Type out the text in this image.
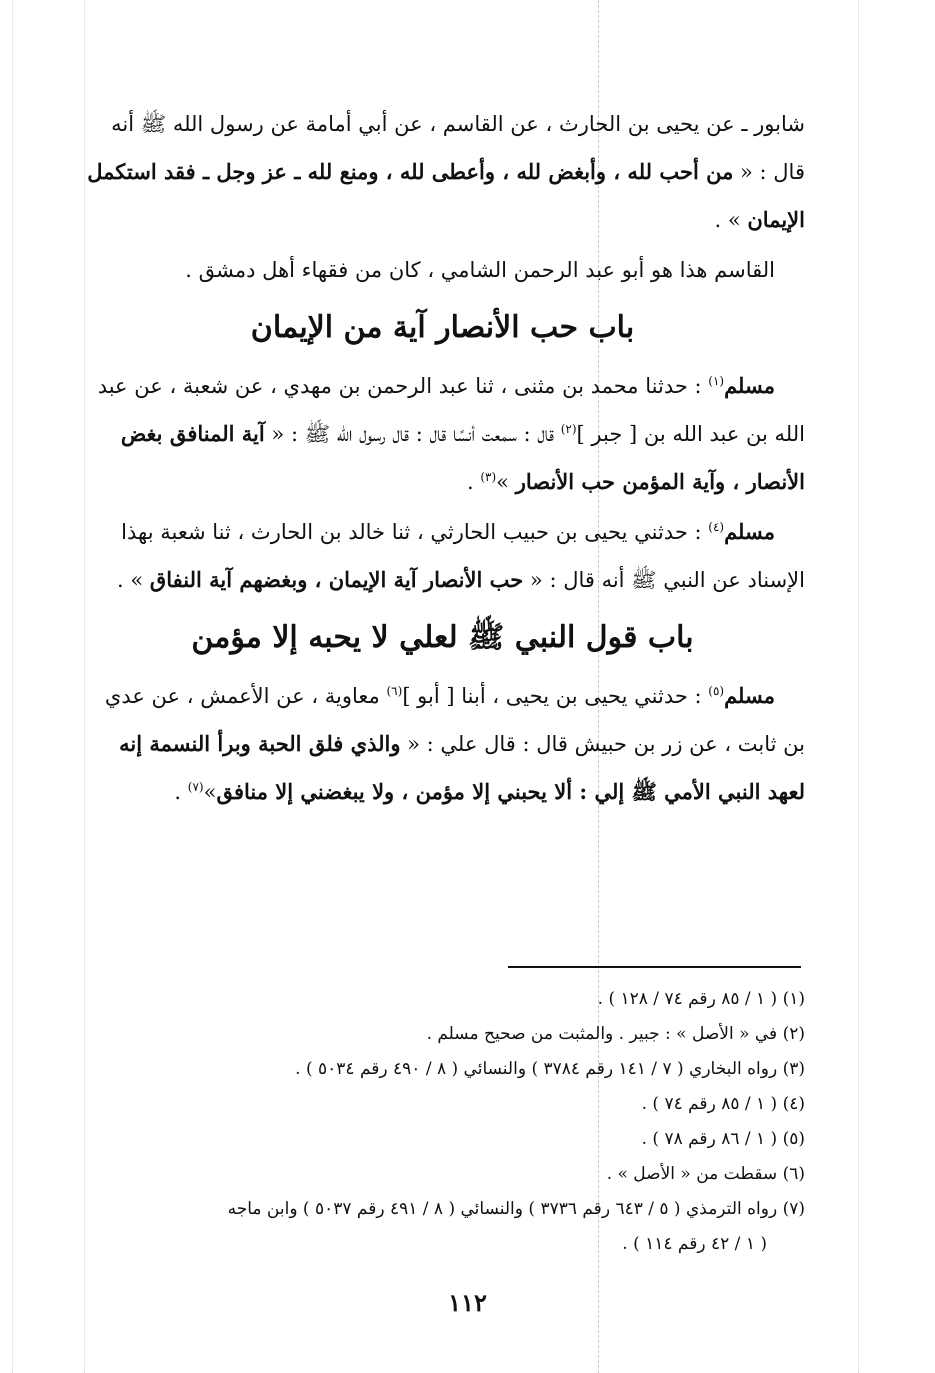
شابور ـ عن يحيى بن الحارث ، عن القاسم ، عن أبي أمامة عن رسول الله ﷺ أنه قال : « من أحب لله ، وأبغض لله ، وأعطى لله ، ومنع لله ـ عز وجل ـ فقد استكمل الإيمان » .

القاسم هذا هو أبو عبد الرحمن الشامي ، كان من فقهاء أهل دمشق .

باب حب الأنصار آية من الإيمان

مسلم$^{(١)}$ : حدثنا محمد بن مثنى ، ثنا عبد الرحمن بن مهدي ، عن شعبة ، عن عبد الله بن عبد الله بن [ جبر ]$^{(٢)}$ قال : سمعت أنسًا قال : قال رسول الله ﷺ : « آية المنافق بغض الأنصار ، وآية المؤمن حب الأنصار »$^{(٣)}$ .

مسلم$^{(٤)}$ : حدثني يحيى بن حبيب الحارثي ، ثنا خالد بن الحارث ، ثنا شعبة بهذا الإسناد عن النبي ﷺ أنه قال : « حب الأنصار آية الإيمان ، وبغضهم آية النفاق » .

باب قول النبي ﷺ لعلي لا يحبه إلا مؤمن

مسلم$^{(٥)}$ : حدثني يحيى بن يحيى ، أبنا [ أبو ]$^{(٦)}$ معاوية ، عن الأعمش ، عن عدي بن ثابت ، عن زر بن حبيش قال : قال علي : « والذي فلق الحبة وبرأ النسمة إنه لعهد النبي الأمي ﷺ إلي : ألا يحبني إلا مؤمن ، ولا يبغضني إلا منافق»$^{(٧)}$ .

(١) ( ١ / ٨٥ رقم ٧٤ / ١٢٨ ) .

(٢) في « الأصل » : جبير . والمثبت من صحيح مسلم .

(٣) رواه البخاري ( ٧ / ١٤١ رقم ٣٧٨٤ ) والنسائي ( ٨ / ٤٩٠ رقم ٥٠٣٤ ) .

(٤) ( ١ / ٨٥ رقم ٧٤ ) .

(٥) ( ١ / ٨٦ رقم ٧٨ ) .

(٦) سقطت من « الأصل » .

(٧) رواه الترمذي ( ٥ / ٦٤٣ رقم ٣٧٣٦ ) والنسائي ( ٨ / ٤٩١ رقم ٥٠٣٧ ) وابن ماجه

( ١ / ٤٢ رقم ١١٤ ) .

١١٢
